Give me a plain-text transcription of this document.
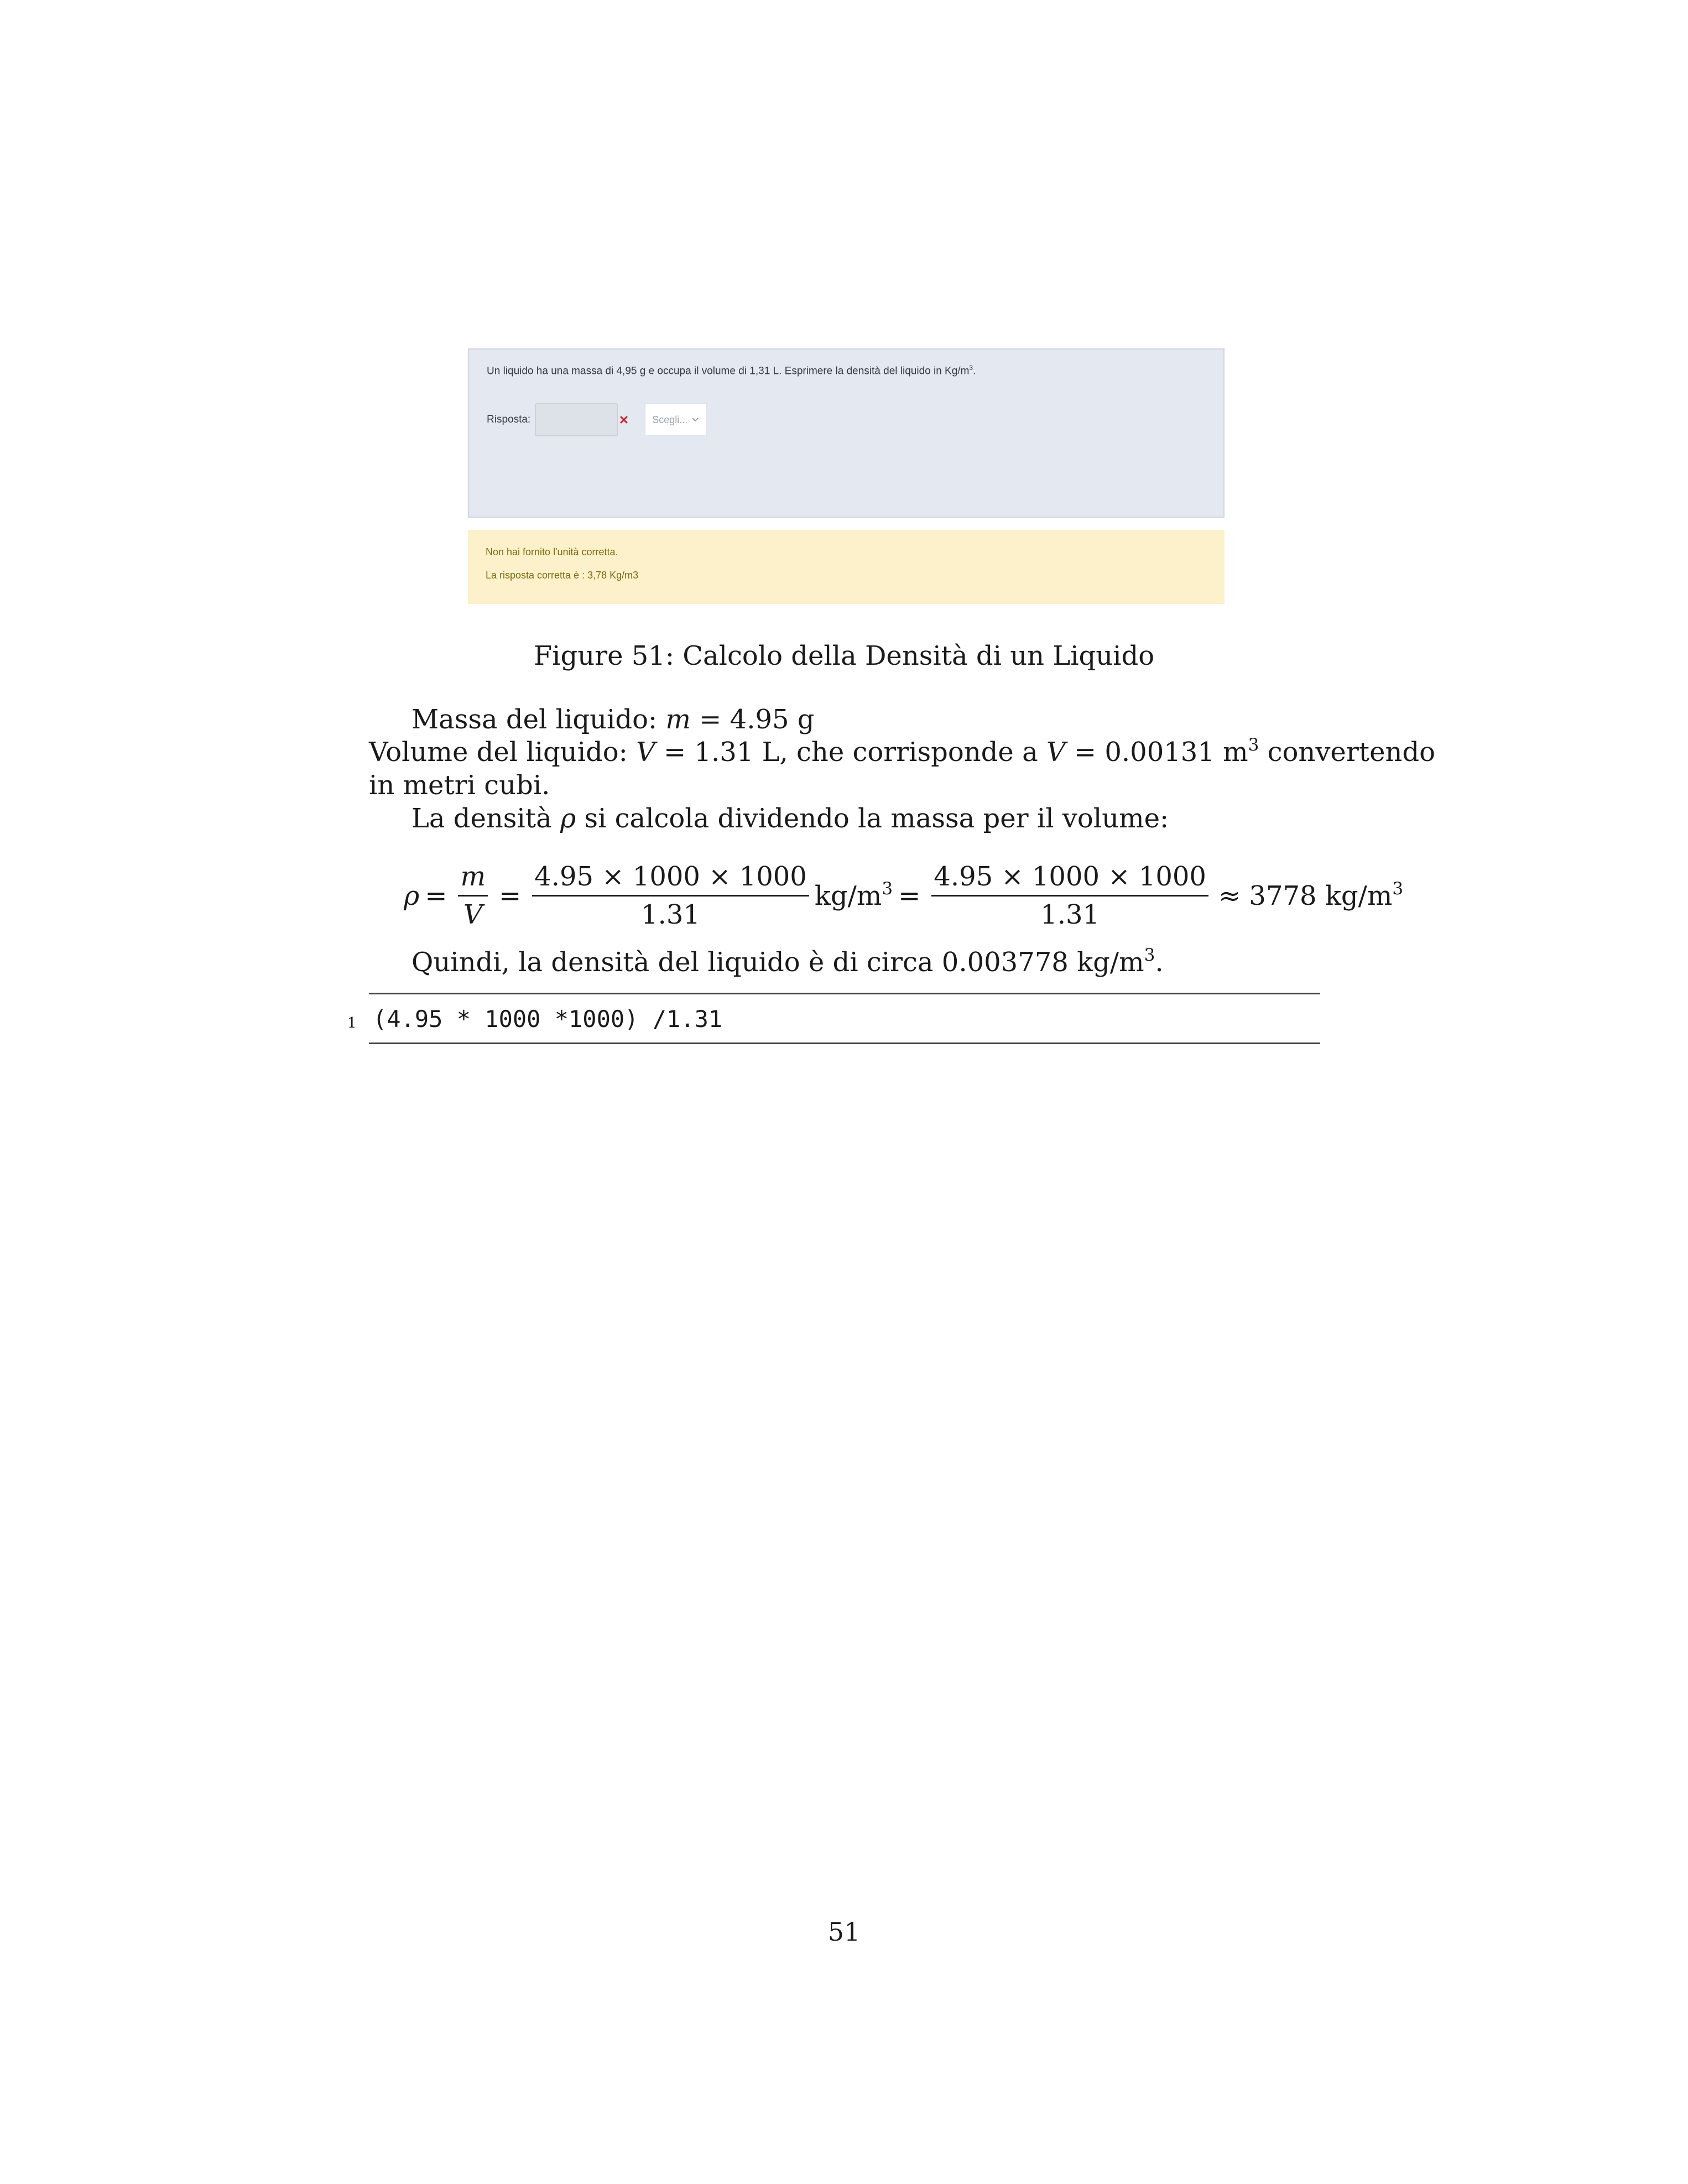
Un liquido ha una massa di 4,95 g e occupa il volume di 1,31 L. Esprimere la densità del liquido in $Kg/m^3$.
Risposta:	Scegli...
Non hai fornito l'unità corretta.
La risposta corretta è : 3,78 Kg/m3
Figure 51: Calcolo della Densità di un Liquido
Massa del liquido: m = 4.95 g
Volume del liquido: V = 1.31 L, che corrisponde a V = 0.00131 $m^3$ convertendo
in metri cubi.
La densità ρ si calcola dividendo la massa per il volume:
$\rho = \frac{m}{V} = \frac{4.95 \times 1000 \times 1000}{1.31} kg/m^3 = \frac{4.95 \times 1000 \times 1000}{1.31} \approx 3778$ $kg/m^3$
Quindi, la densità del liquido è di circa 0.003778 $kg/m^3$.
1 (4.95 * 1000 *1000) /1.31
51
